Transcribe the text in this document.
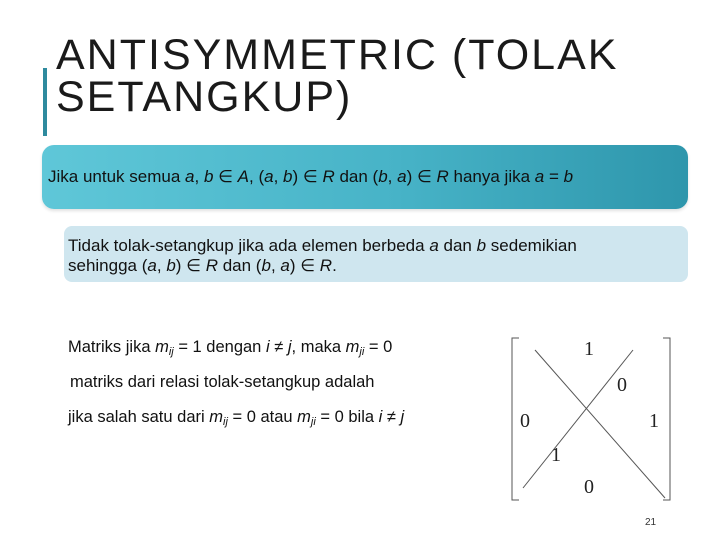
ANTISYMMETRIC (TOLAK
SETANGKUP)
Jika untuk semua a, b ∈ A, (a, b) ∈ R dan (b, a) ∈ R hanya jika a = b
Tidak tolak-setangkup jika ada elemen berbeda a dan b sedemikian
sehingga (a, b) ∈ R dan (b, a) ∈ R.
Matriks jika $m_{ij} = 1$ dengan i ≠ j, maka $m_{ji} = 0$
matriks dari relasi tolak-setangkup adalah
jika salah satu dari $m_{ij} = 0$ atau $m_{ji} = 0$ bila i ≠ j
1
0
0	1
1
0
21
